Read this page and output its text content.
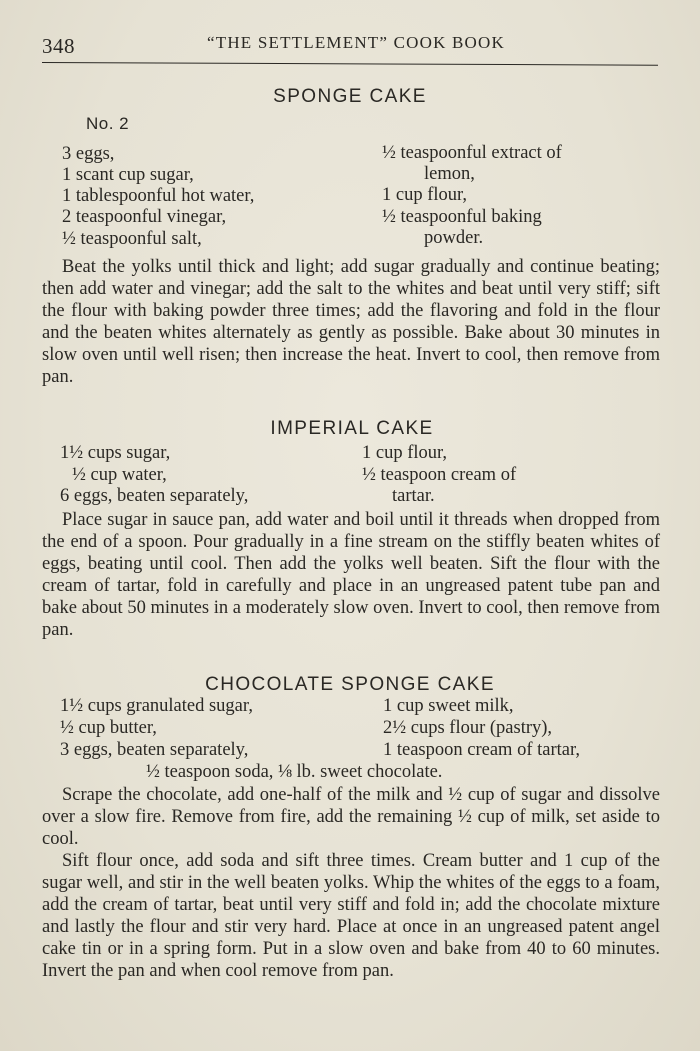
348	“THE SETTLEMENT” COOK BOOK
SPONGE CAKE
No. 2
3 eggs,
1 scant cup sugar,
1 tablespoonful hot water,
2 teaspoonful vinegar,
½ teaspoonful salt,
½ teaspoonful extract of
lemon,
1 cup flour,
½ teaspoonful baking
powder.
Beat the yolks until thick and light; add sugar gradually and continue beating; then add water and vinegar; add the salt to the whites and beat until very stiff; sift the flour with baking powder three times; add the flavoring and fold in the flour and the beaten whites alternately as gently as possible. Bake about 30 minutes in slow oven until well risen; then increase the heat. Invert to cool, then remove from pan.
IMPERIAL CAKE
1½ cups sugar,
½ cup water,
6 eggs, beaten separately,
1 cup flour,
½ teaspoon cream of
tartar.
Place sugar in sauce pan, add water and boil until it threads when dropped from the end of a spoon. Pour gradually in a fine stream on the stiffly beaten whites of eggs, beating until cool. Then add the yolks well beaten. Sift the flour with the cream of tartar, fold in carefully and place in an ungreased patent tube pan and bake about 50 minutes in a moderately slow oven. Invert to cool, then remove from pan.
CHOCOLATE SPONGE CAKE
1½ cups granulated sugar,
½ cup butter,
3 eggs, beaten separately,
1 cup sweet milk,
2½ cups flour (pastry),
1 teaspoon cream of tartar,
½ teaspoon soda, ⅛ lb. sweet chocolate.
Scrape the chocolate, add one-half of the milk and ½ cup of sugar and dissolve over a slow fire. Remove from fire, add the remaining ½ cup of milk, set aside to cool.
Sift flour once, add soda and sift three times. Cream butter and 1 cup of the sugar well, and stir in the well beaten yolks. Whip the whites of the eggs to a foam, add the cream of tartar, beat until very stiff and fold in; add the chocolate mixture and lastly the flour and stir very hard. Place at once in an ungreased patent angel cake tin or in a spring form. Put in a slow oven and bake from 40 to 60 minutes. Invert the pan and when cool remove from pan.
